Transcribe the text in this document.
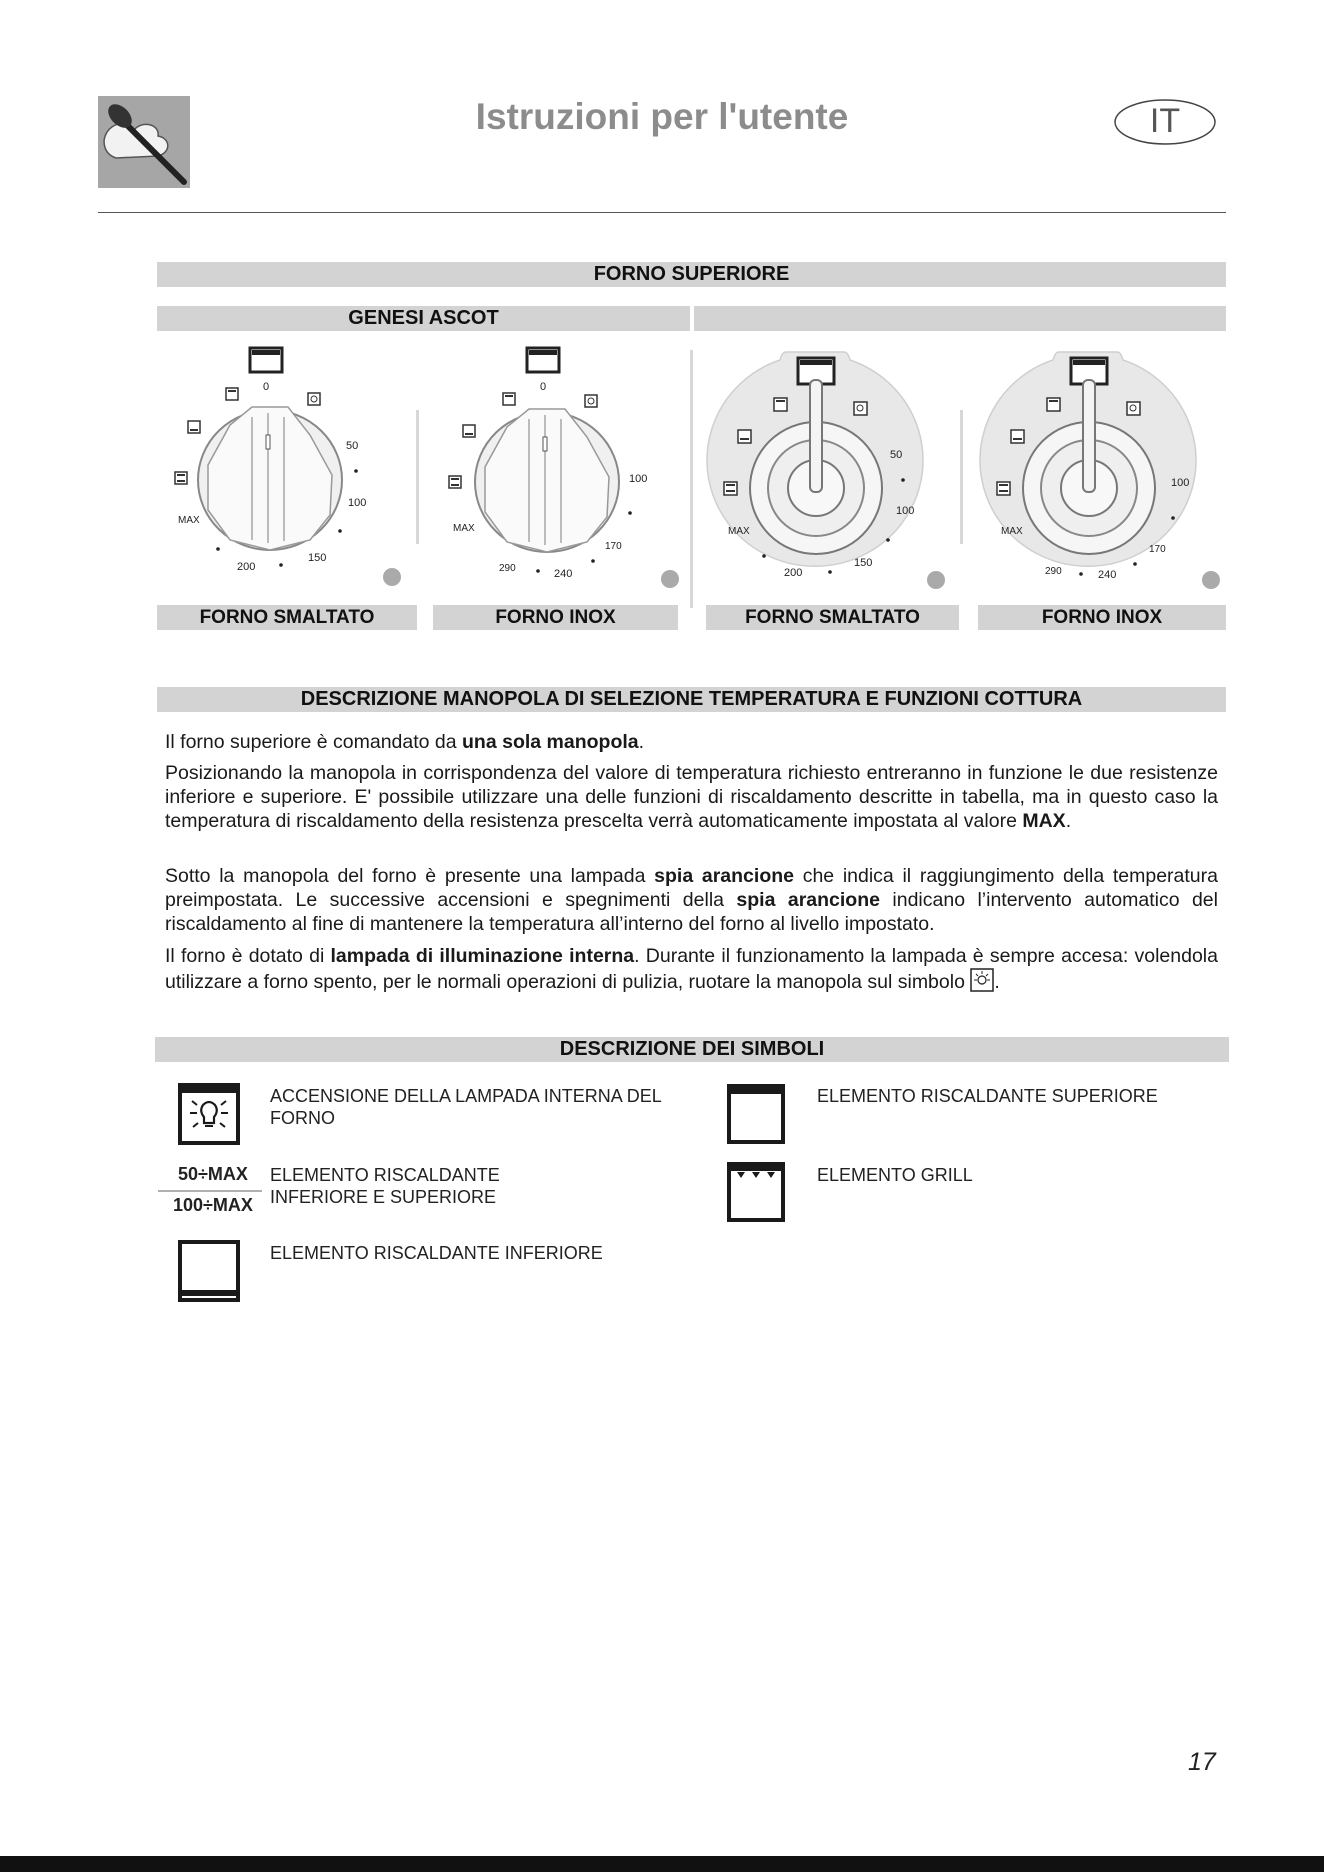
Istruzioni per l'utente	IT
FORNO SUPERIORE
GENESI ASCOT
0
50
100
150
200
MAX
0
100
170
240
290
MAX
50
100
150
200
MAX
100
170
240
290
MAX
FORNO SMALTATO	FORNO INOX	FORNO SMALTATO	FORNO INOX
DESCRIZIONE MANOPOLA DI SELEZIONE TEMPERATURA E FUNZIONI COTTURA
Il forno superiore è comandato da una sola manopola.
Posizionando la manopola in corrispondenza del valore di temperatura richiesto entreranno in funzione le due resistenze inferiore e superiore. E' possibile utilizzare una delle funzioni di riscaldamento descritte in tabella, ma in questo caso la temperatura di riscaldamento della resistenza prescelta verrà automaticamente impostata al valore MAX.
Sotto la manopola del forno è presente una lampada spia arancione che indica il raggiungimento della temperatura preimpostata. Le successive accensioni e spegnimenti della spia arancione indicano l’intervento automatico del riscaldamento al fine di mantenere la temperatura all’interno del forno al livello impostato.
Il forno è dotato di lampada di illuminazione interna. Durante il funzionamento la lampada è sempre accesa: volendola utilizzare a forno spento, per le normali operazioni di pulizia, ruotare la manopola sul simbolo .
DESCRIZIONE DEI SIMBOLI
ACCENSIONE DELLA LAMPADA INTERNA DEL FORNO
ELEMENTO RISCALDANTE SUPERIORE
50÷MAX
100÷MAX
ELEMENTO RISCALDANTE INFERIORE E SUPERIORE
ELEMENTO GRILL
ELEMENTO RISCALDANTE INFERIORE
17
